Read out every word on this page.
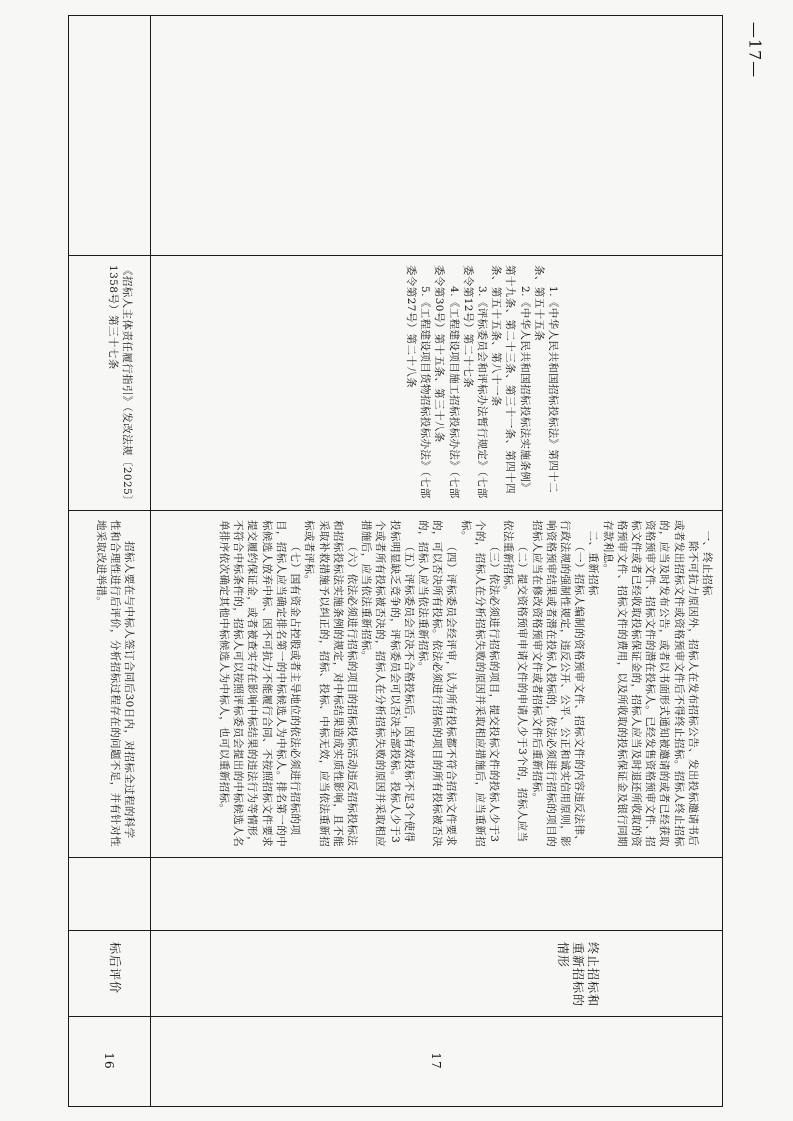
—17—
16
标后评价

招标人要在与中标人签订合同后30日内，对招标全过程的科学性和合理性进行后评价，分析招标过程存在的问题不足，并有针对性地采取改进举措。

《招标人主体责任履行指引》（发改法规〔2025〕1358号）第三十七条

17
终止招标和重新招标的情形

一、终止招标

除不可抗力原因外，招标人在发布招标公告、发出投标邀请书后或者发出招标文件或资格预审文件后不得终止招标。招标人终止招标的，应当及时发布公告，或者以书面形式通知被邀请的或者已经获取资格预审文件、招标文件的潜在投标人。已经发售资格预审文件、招标文件或者已经收取投标保证金的，招标人应当及时退还所收取的资格预审文件、招标文件的费用，以及所收取的投标保证金及银行同期存款利息。

二、重新招标

（一）招标人编制的资格预审文件、招标文件的内容违反法律、行政法规的强制性规定，违反公开、公平、公正和诚实信用原则，影响资格预审结果或者潜在投标人投标的，依法必须进行招标的项目的招标人应当在修改资格预审文件或者招标文件后重新招标。

（二）提交资格预审申请文件的申请人少于3个的，招标人应当依法重新招标。

（三）依法必须进行招标的项目，提交投标文件的投标人少于3个的，招标人在分析招标失败的原因并采取相应措施后，应当重新招标。

（四）评标委员会经评审，认为所有投标都不符合招标文件要求的，可以否决所有投标。依法必须进行招标的项目的所有投标被否决的，招标人应当依法重新招标。

（五）评标委员会否决不合格投标后，因有效投标不足3个使得投标明显缺乏竞争的，评标委员会可以否决全部投标。投标人少于3个或者所有投标被否决的，招标人在分析招标失败的原因并采取相应措施后，应当依法重新招标。

（六）依法必须进行招标的项目的招标投标活动违反招标投标法和招标投标法实施条例的规定，对中标结果造成实质性影响，且不能采取补救措施予以纠正的，招标、投标、中标无效，应当依法重新招标或者评标。

（七）国有资金占控股或者主导地位的依法必须进行招标的项目，招标人应当确定排名第一的中标候选人为中标人。排名第一的中标候选人放弃中标、因不可抗力不能履行合同、不按照招标文件要求提交履约保证金，或者被查实存在影响中标结果的违法行为等情形，不符合中标条件的，招标人可以按照评标委员会提出的中标候选人名单排序依次确定其他中标候选人为中标人，也可以重新招标。

1.《中华人民共和国招标投标法》第四十二条、第五十五条

2.《中华人民共和国招标投标法实施条例》第十九条、第二十三条、第三十一条、第四十四条、第五十五条、第八十一条

3.《评标委员会和评标办法暂行规定》（七部委令第12号）第二十七条

4.《工程建设项目施工招标投标办法》（七部委令第30号）第十五条、第三十八条

5.《工程建设项目货物招标投标办法》（七部委令第27号）第二十八条
